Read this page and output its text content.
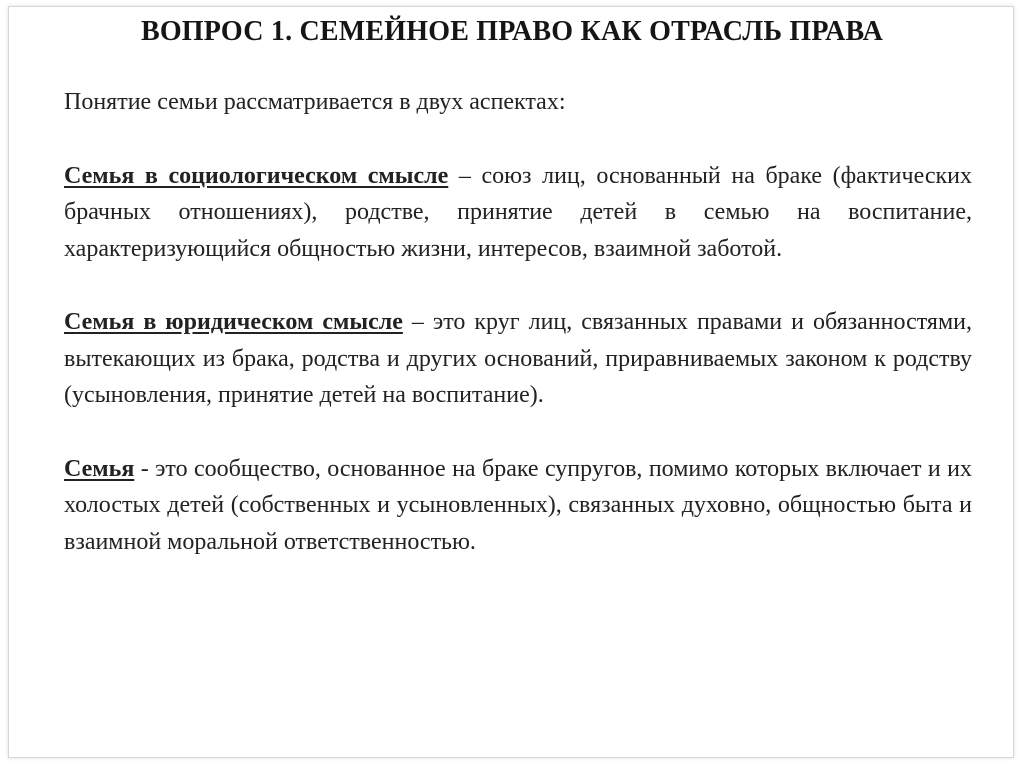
ВОПРОС 1. СЕМЕЙНОЕ ПРАВО КАК ОТРАСЛЬ ПРАВА

Понятие семьи рассматривается в двух аспектах:

Семья в социологическом смысле – союз лиц, основанный на браке (фактических брачных отношениях), родстве, принятие детей в семью на воспитание, характеризующийся общностью жизни, интересов, взаимной заботой.

Семья в юридическом смысле – это круг лиц, связанных правами и обязанностями, вытекающих из брака, родства и других оснований, приравниваемых законом к родству (усыновления, принятие детей на воспитание).

Семья - это сообщество, основанное на браке супругов, помимо которых включает и их холостых детей (собственных и усыновленных), связанных духовно, общностью быта и взаимной моральной ответственностью.
